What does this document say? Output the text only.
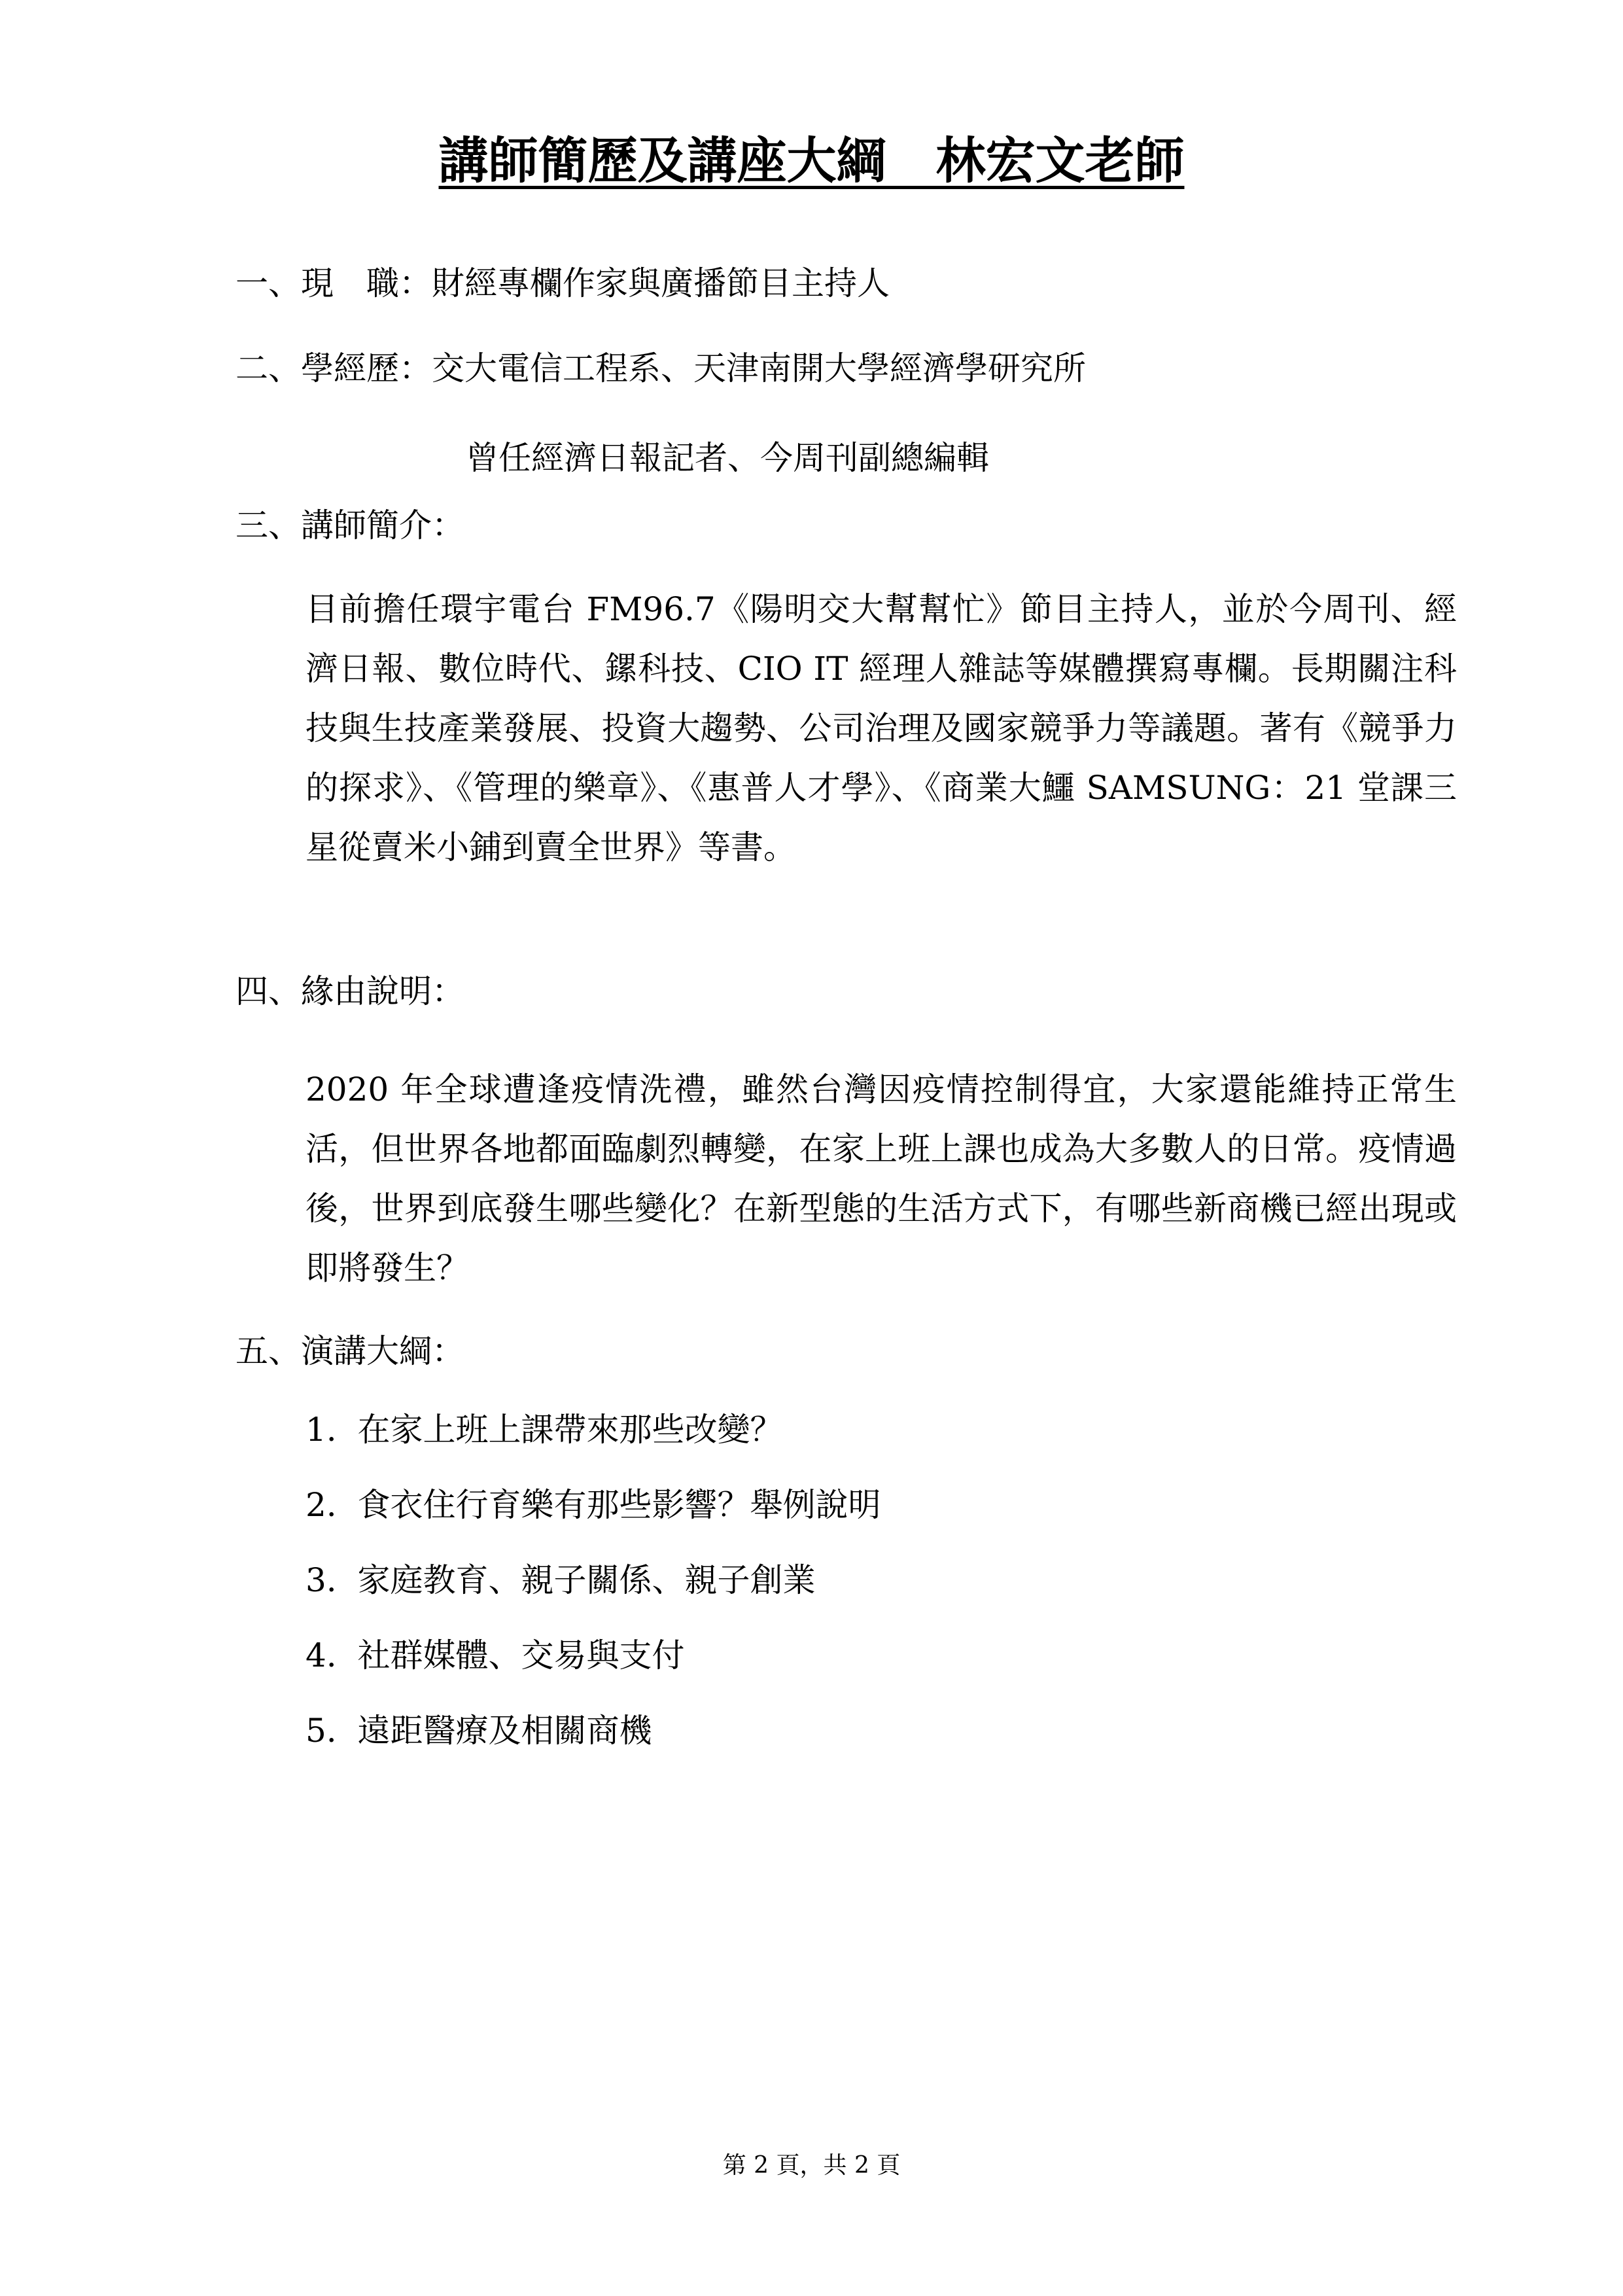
講師簡歷及講座大綱　林宏文老師
一、現　職：財經專欄作家與廣播節目主持人
二、學經歷：交大電信工程系、天津南開大學經濟學研究所
曾任經濟日報記者、今周刊副總編輯
三、講師簡介：

目前擔任環宇電台 FM96.7《陽明交大幫幫忙》節目主持人，並於今周刊、經濟日報、數位時代、鏍科技、CIO IT 經理人雜誌等媒體撰寫專欄。長期關注科技與生技產業發展、投資大趨勢、公司治理及國家競爭力等議題。著有《競爭力的探求》、《管理的樂章》、《惠普人才學》、《商業大鱷 SAMSUNG：21 堂課三星從賣米小鋪到賣全世界》等書。

四、緣由說明：

2020 年全球遭逢疫情洗禮，雖然台灣因疫情控制得宜，大家還能維持正常生活，但世界各地都面臨劇烈轉變，在家上班上課也成為大多數人的日常。疫情過後，世界到底發生哪些變化？在新型態的生活方式下，有哪些新商機已經出現或即將發生？

五、演講大綱：
1.  在家上班上課帶來那些改變？
2.  食衣住行育樂有那些影響？舉例說明
3.  家庭教育、親子關係、親子創業
4.  社群媒體、交易與支付
5.  遠距醫療及相關商機
第 2 頁，共 2 頁
